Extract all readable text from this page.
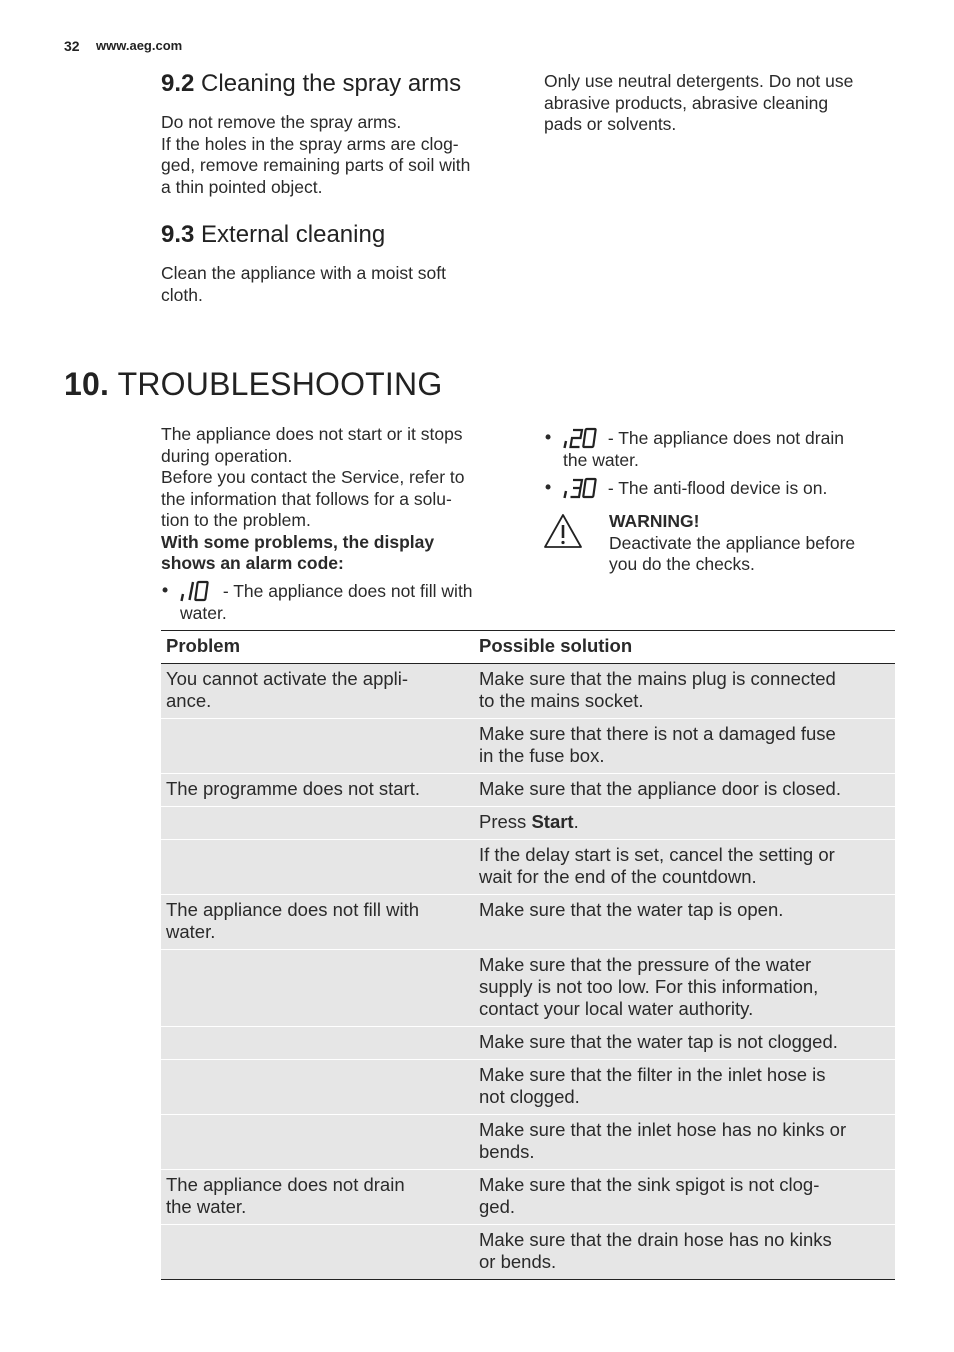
32 www.aeg.com
9.2 Cleaning the spray arms
Do not remove the spray arms.
If the holes in the spray arms are clog-
ged, remove remaining parts of soil with
a thin pointed object.
9.3 External cleaning
Clean the appliance with a moist soft
cloth.
Only use neutral detergents. Do not use
abrasive products, abrasive cleaning
pads or solvents.
10. TROUBLESHOOTING
The appliance does not start or it stops
during operation.
Before you contact the Service, refer to
the information that follows for a solu-
tion to the problem.
With some problems, the display
shows an alarm code:
•	- The appliance does not fill with
water.
•	- The appliance does not drain
the water.
•	- The anti-flood device is on.
WARNING!
Deactivate the appliance before
you do the checks.
Problem	Possible solution
You cannot activate the appli-
ance.	Make sure that the mains plug is connected
to the mains socket.
	Make sure that there is not a damaged fuse
in the fuse box.
The programme does not start.	Make sure that the appliance door is closed.
	Press Start.
	If the delay start is set, cancel the setting or
wait for the end of the countdown.
The appliance does not fill with
water.	Make sure that the water tap is open.
	Make sure that the pressure of the water
supply is not too low. For this information,
contact your local water authority.
	Make sure that the water tap is not clogged.
	Make sure that the filter in the inlet hose is
not clogged.
	Make sure that the inlet hose has no kinks or
bends.
The appliance does not drain
the water.	Make sure that the sink spigot is not clog-
ged.
	Make sure that the drain hose has no kinks
or bends.
